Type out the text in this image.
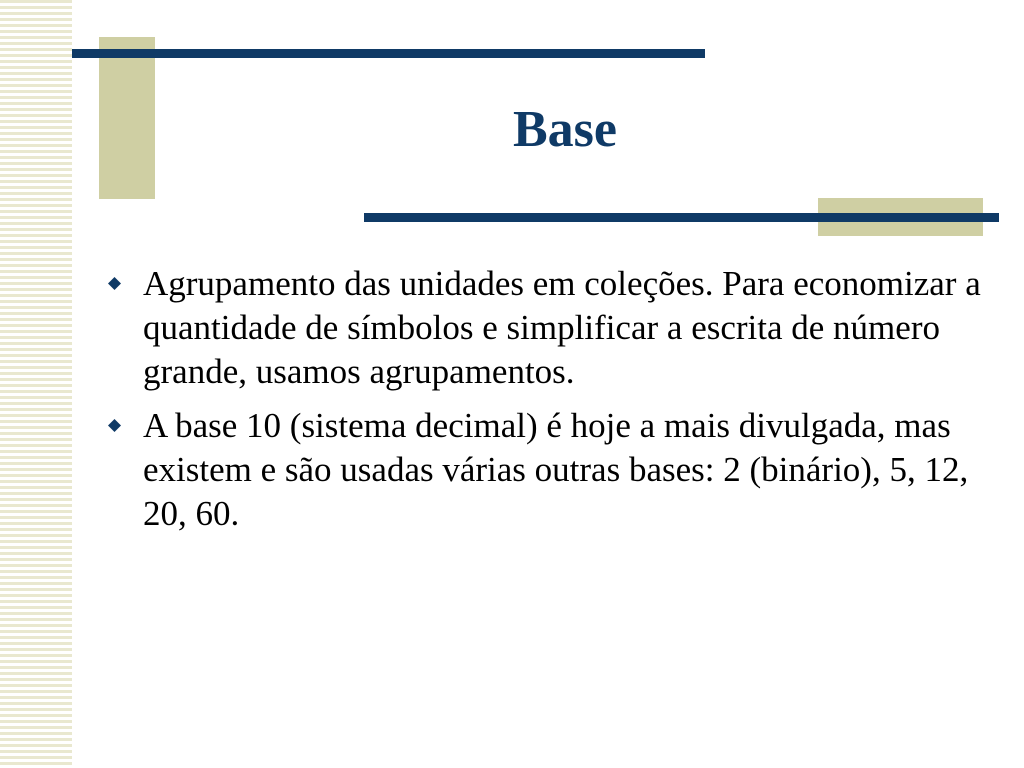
Base
Agrupamento das unidades em coleções. Para economizar a quantidade de símbolos e simplificar a escrita de número grande, usamos agrupamentos.
A base 10 (sistema decimal) é hoje a mais divulgada, mas existem e são usadas várias outras bases: 2 (binário), 5, 12, 20, 60.
